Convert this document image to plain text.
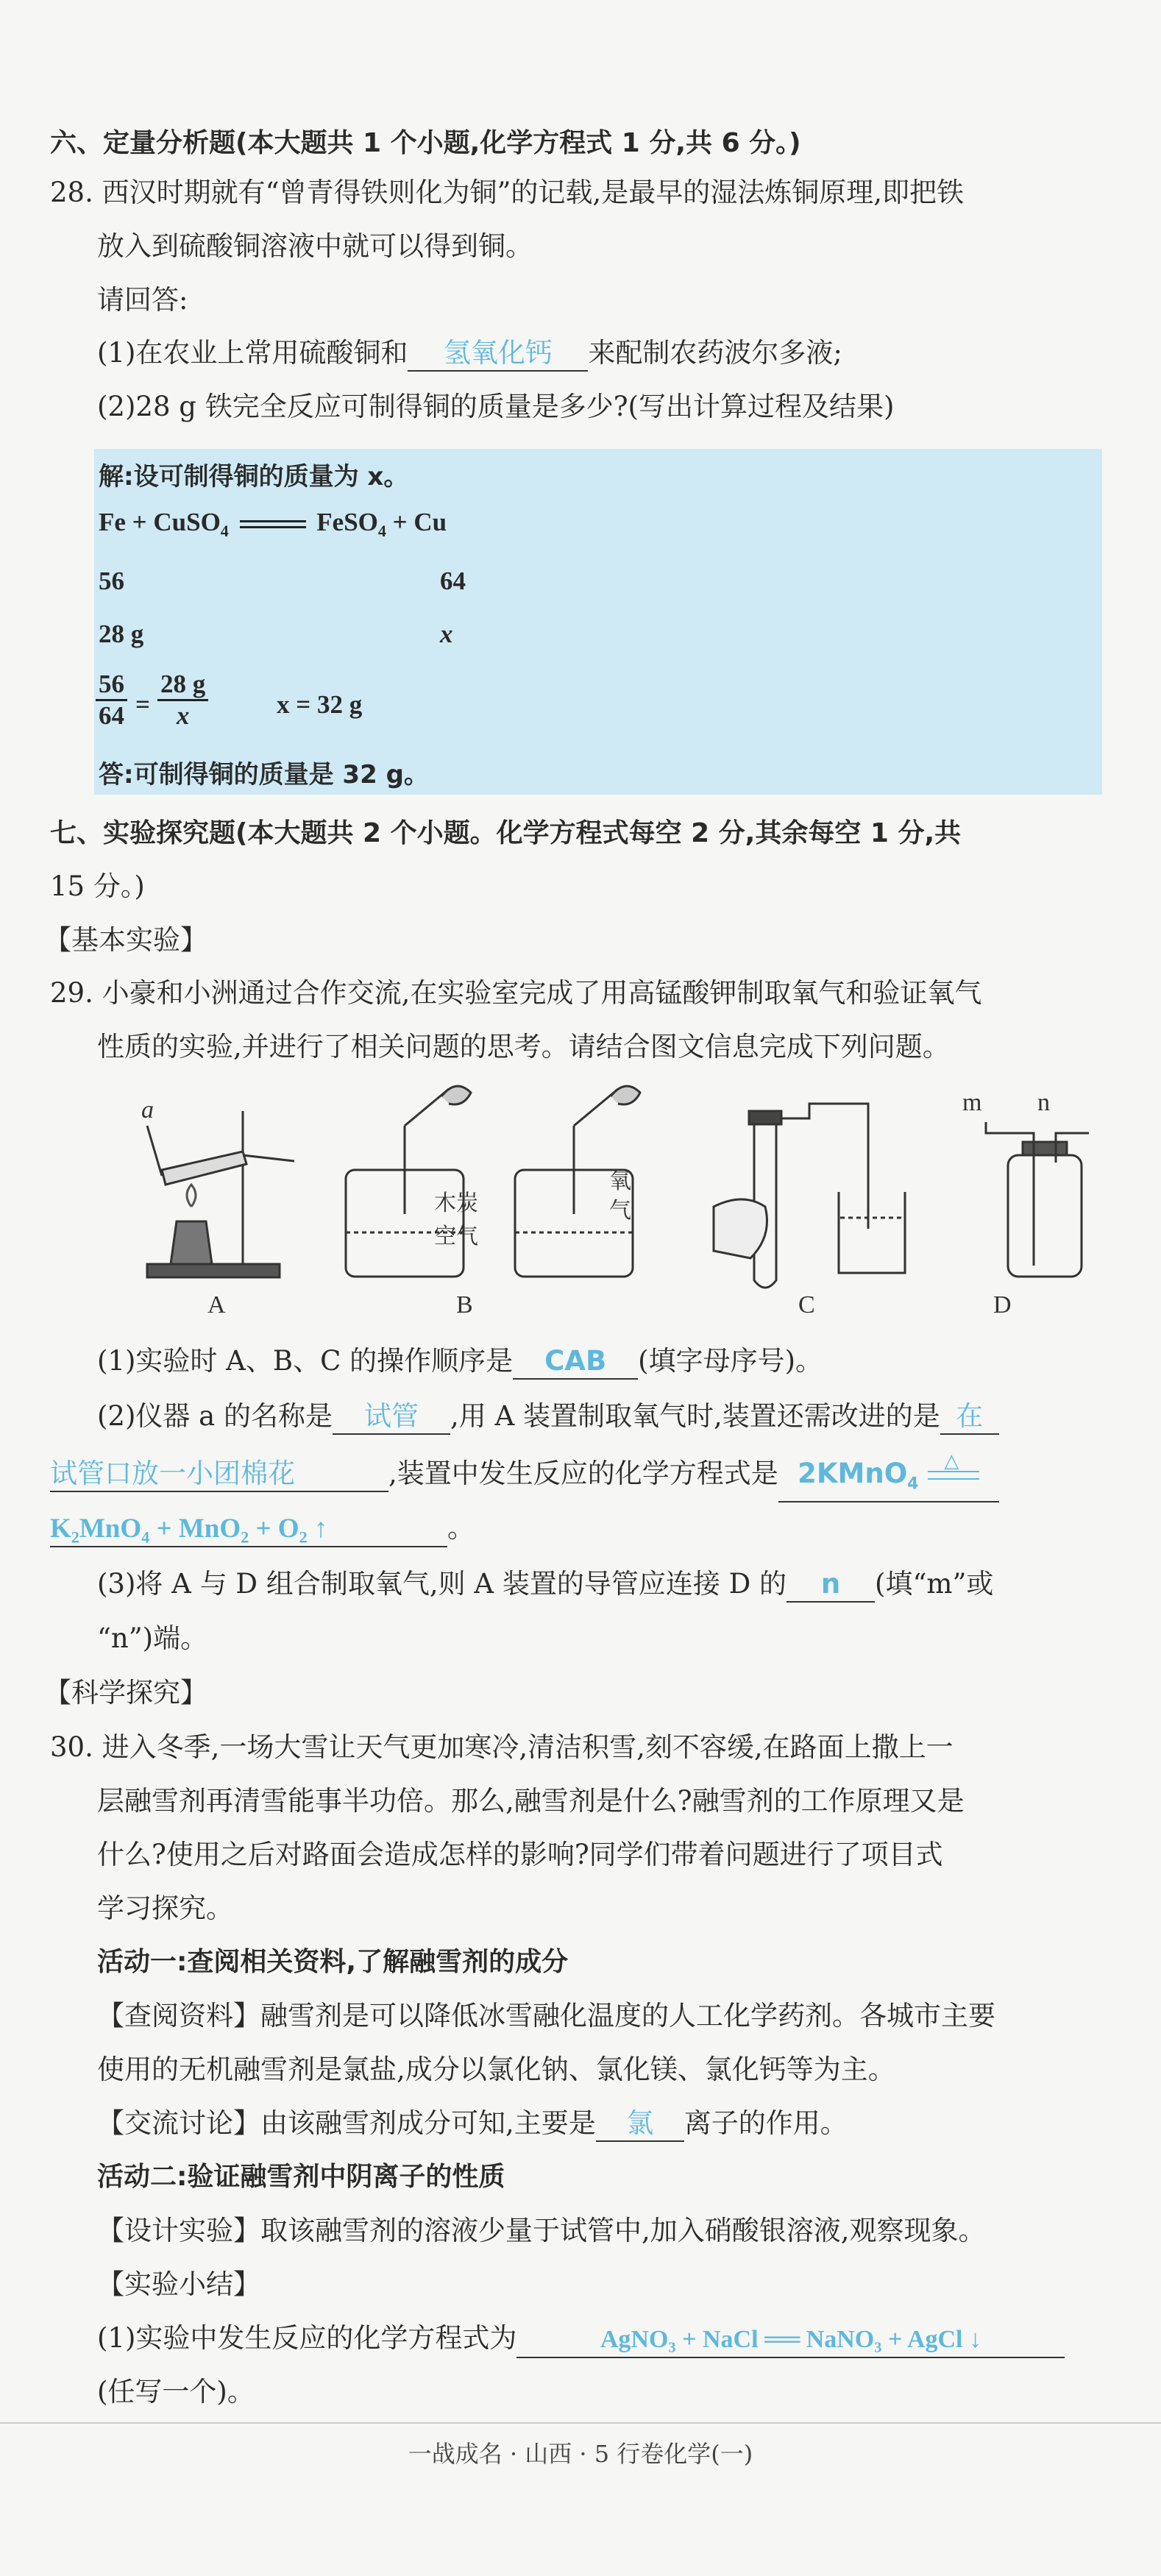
六、定量分析题(本大题共 1 个小题,化学方程式 1 分,共 6 分。)
28. 西汉时期就有“曾青得铁则化为铜”的记载,是最早的湿法炼铜原理,即把铁
放入到硫酸铜溶液中就可以得到铜。
请回答:
(1)在农业上常用硫酸铜和 氢氧化钙 来配制农药波尔多液;
(2)28 g 铁完全反应可制得铜的质量是多少?(写出计算过程及结果)
解:设可制得铜的质量为 x。
Fe + CuSO$_4$	FeSO$_4$ + Cu
56	64
28 g	x
$\frac{56}{64} = \frac{28 g}{x}$	x = 32 g
答:可制得铜的质量是 32 g。
七、实验探究题(本大题共 2 个小题。化学方程式每空 2 分,其余每空 1 分,共
15 分。)
【基本实验】
29. 小豪和小洲通过合作交流,在实验室完成了用高锰酸钾制取氧气和验证氧气
性质的实验,并进行了相关问题的思考。请结合图文信息完成下列问题。
a
A	B	C	D
木炭
空气
氧
气
m n
(1)实验时 A、B、C 的操作顺序是 CAB (填字母序号)。
(2)仪器 a 的名称是 试管 ,用 A 装置制取氧气时,装置还需改进的是 在
试管口放一小团棉花	,装置中发生反应的化学方程式是 2KMnO$_4$
△
K₂MnO₄ + MnO₂ + O₂ ↑	。
(3)将 A 与 D 组合制取氧气,则 A 装置的导管应连接 D 的 n (填“m”或
“n”)端。
【科学探究】
30. 进入冬季,一场大雪让天气更加寒冷,清洁积雪,刻不容缓,在路面上撒上一
层融雪剂再清雪能事半功倍。那么,融雪剂是什么?融雪剂的工作原理又是
什么?使用之后对路面会造成怎样的影响?同学们带着问题进行了项目式
学习探究。
活动一:查阅相关资料,了解融雪剂的成分
【查阅资料】融雪剂是可以降低冰雪融化温度的人工化学药剂。各城市主要
使用的无机融雪剂是氯盐,成分以氯化钠、氯化镁、氯化钙等为主。
【交流讨论】由该融雪剂成分可知,主要是 氯 离子的作用。
活动二:验证融雪剂中阴离子的性质
【设计实验】取该融雪剂的溶液少量于试管中,加入硝酸银溶液,观察现象。
【实验小结】
(1)实验中发生反应的化学方程式为	AgNO₃ + NaCl ══ NaNO₃ + AgCl ↓
(任写一个)。
一战成名 · 山西 · 5 行卷化学(一)
